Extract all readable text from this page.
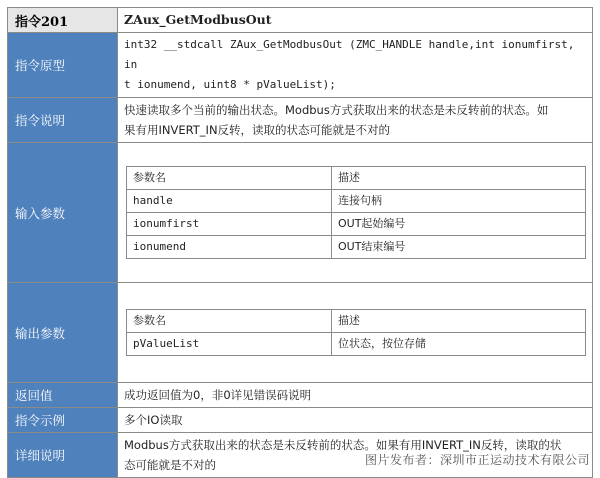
指令201	ZAux_GetModbusOut
指令原型	
int32 __stdcall ZAux_GetModbusOut (ZMC_HANDLE handle,int ionumfirst, in
t ionumend, uint8 * pValueList);

指令说明	
快速读取多个当前的输出状态。Modbus方式获取出来的状态是未反转前的状态。如
果有用INVERT_IN反转，读取的状态可能就是不对的

输入参数	
参数名	描述
handle	连接句柄
ionumfirst	OUT起始编号
ionumend	OUT结束编号

输出参数	
参数名	描述
pValueList	位状态，按位存储

返回值	成功返回值为0，非0详见错误码说明
指令示例	多个IO读取
详细说明	
Modbus方式获取出来的状态是未反转前的状态。如果有用INVERT_IN反转，读取的状
态可能就是不对的	图片发布者：深圳市正运动技术有限公司
